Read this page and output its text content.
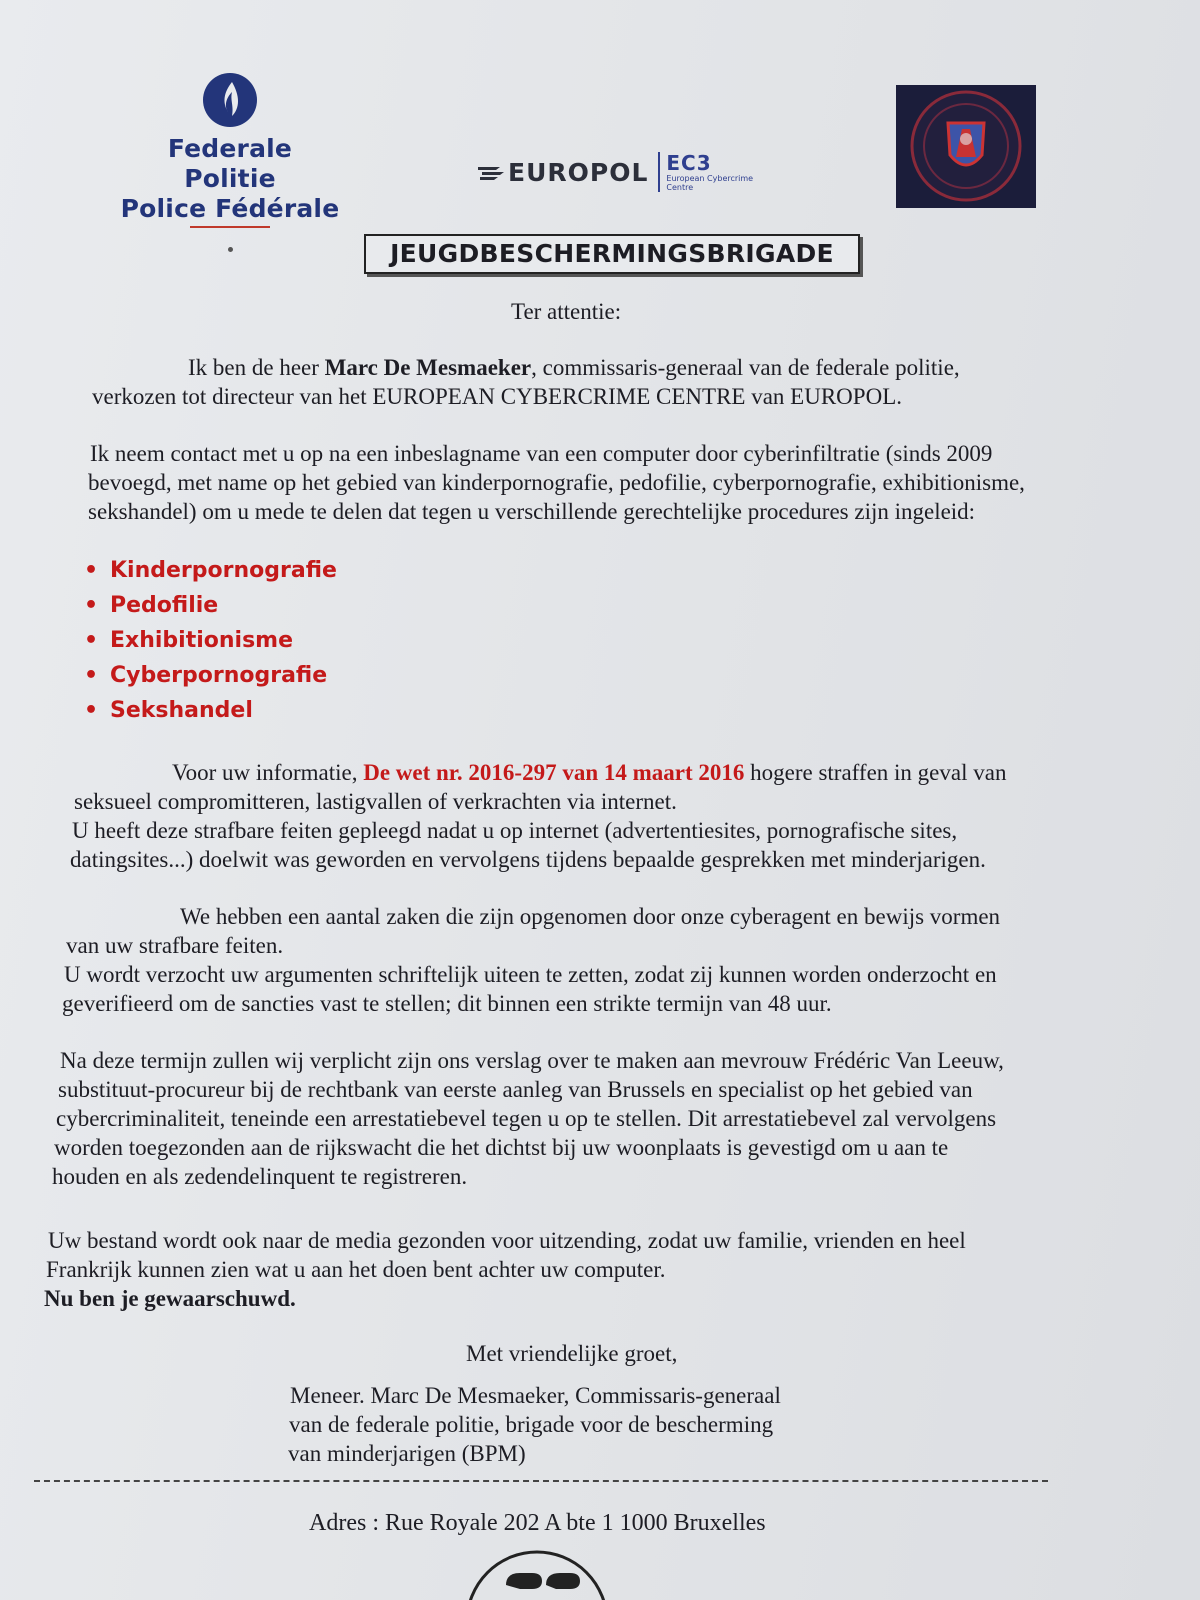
Federale Politie
Police Fédérale
EUROPOL EC3
European Cybercrime Centre
JEUGDBESCHERMINGSBRIGADE
Ter attentie:
Ik ben de heer Marc De Mesmaeker, commissaris-generaal van de federale politie,
verkozen tot directeur van het EUROPEAN CYBERCRIME CENTRE van EUROPOL.
Ik neem contact met u op na een inbeslagname van een computer door cyberinfiltratie (sinds 2009
bevoegd, met name op het gebied van kinderpornografie, pedofilie, cyberpornografie, exhibitionisme,
sekshandel) om u mede te delen dat tegen u verschillende gerechtelijke procedures zijn ingeleid:
• Kinderpornografie
• Pedofilie
• Exhibitionisme
• Cyberpornografie
• Sekshandel
Voor uw informatie, De wet nr. 2016-297 van 14 maart 2016 hogere straffen in geval van
seksueel compromitteren, lastigvallen of verkrachten via internet.
U heeft deze strafbare feiten gepleegd nadat u op internet (advertentiesites, pornografische sites,
datingsites...) doelwit was geworden en vervolgens tijdens bepaalde gesprekken met minderjarigen.
We hebben een aantal zaken die zijn opgenomen door onze cyberagent en bewijs vormen
van uw strafbare feiten.
U wordt verzocht uw argumenten schriftelijk uiteen te zetten, zodat zij kunnen worden onderzocht en
geverifieerd om de sancties vast te stellen; dit binnen een strikte termijn van 48 uur.
Na deze termijn zullen wij verplicht zijn ons verslag over te maken aan mevrouw Frédéric Van Leeuw,
substituut-procureur bij de rechtbank van eerste aanleg van Brussels en specialist op het gebied van
cybercriminaliteit, teneinde een arrestatiebevel tegen u op te stellen. Dit arrestatiebevel zal vervolgens
worden toegezonden aan de rijkswacht die het dichtst bij uw woonplaats is gevestigd om u aan te
houden en als zedendelinquent te registreren.
Uw bestand wordt ook naar de media gezonden voor uitzending, zodat uw familie, vrienden en heel
Frankrijk kunnen zien wat u aan het doen bent achter uw computer.
Nu ben je gewaarschuwd.
Met vriendelijke groet,
Meneer. Marc De Mesmaeker, Commissaris-generaal
van de federale politie, brigade voor de bescherming
van minderjarigen (BPM)
Adres : Rue Royale 202 A bte 1 1000 Bruxelles
